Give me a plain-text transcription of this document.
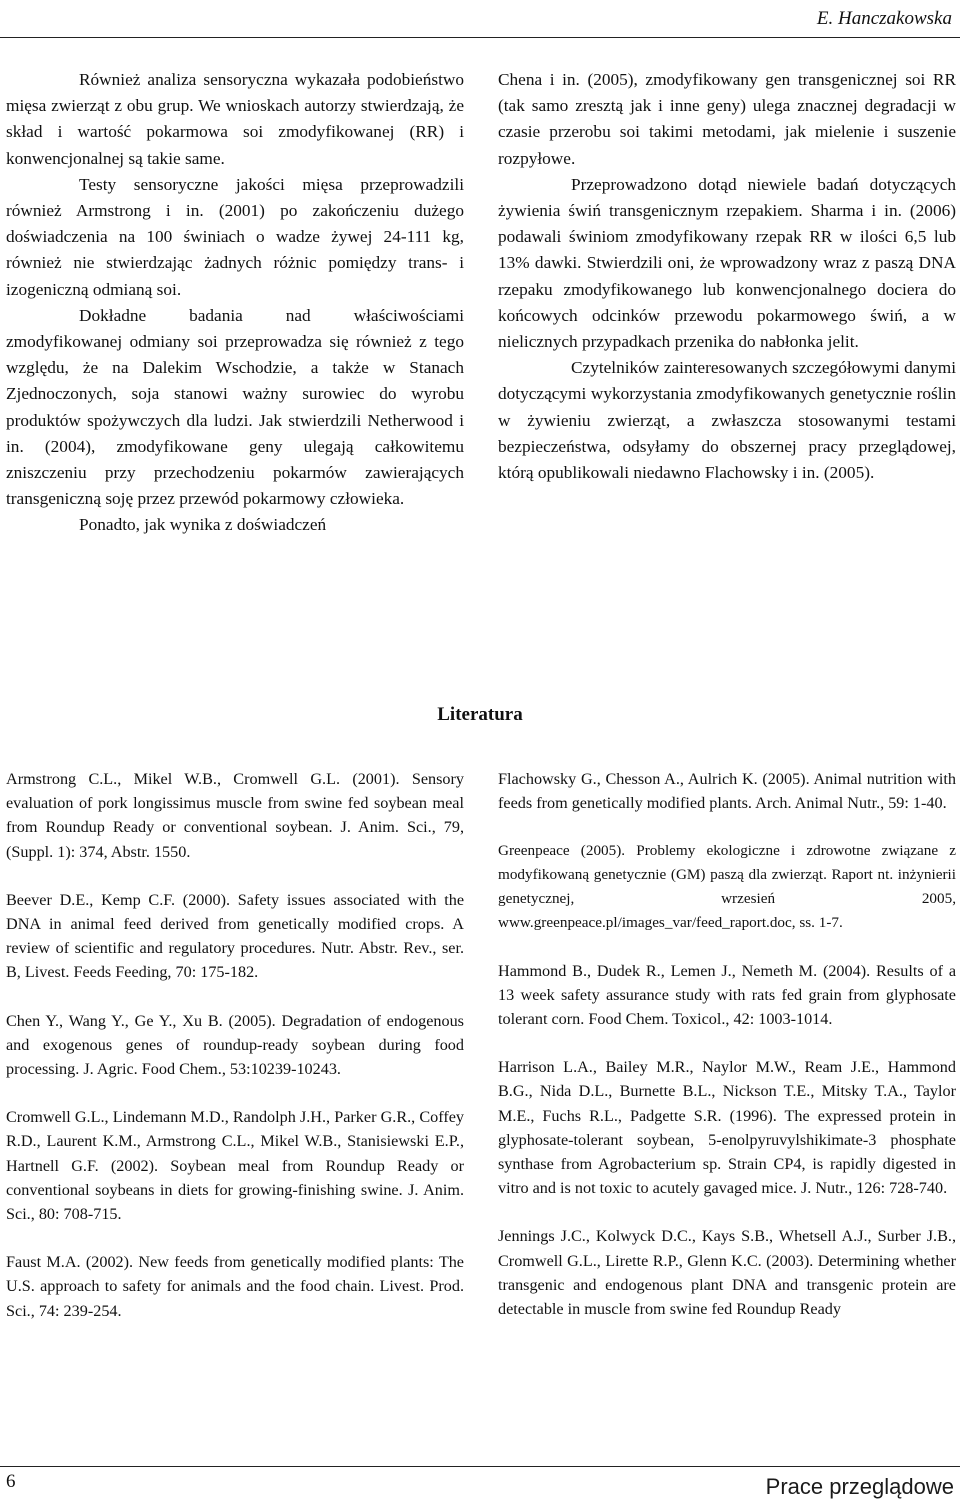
E. Hanczakowska

Również analiza sensoryczna wykazała podobieństwo mięsa zwierząt z obu grup. We wnioskach autorzy stwierdzają, że skład i wartość pokarmowa soi zmodyfikowanej (RR) i konwencjonalnej są takie same.

Testy sensoryczne jakości mięsa przeprowadzili również Armstrong i in. (2001) po zakończeniu dużego doświadczenia na 100 świniach o wadze żywej 24-111 kg, również nie stwierdzając żadnych różnic pomiędzy trans- i izogeniczną odmianą soi.

Dokładne badania nad właściwościami zmodyfikowanej odmiany soi przeprowadza się również z tego względu, że na Dalekim Wschodzie, a także w Stanach Zjednoczonych, soja stanowi ważny surowiec do wyrobu produktów spożywczych dla ludzi. Jak stwierdzili Netherwood i in. (2004), zmodyfikowane geny ulegają całkowitemu zniszczeniu przy przechodzeniu pokarmów zawierających transgeniczną soję przez przewód pokarmowy człowieka.

Ponadto, jak wynika z doświadczeń

Chena i in. (2005), zmodyfikowany gen transgenicznej soi RR (tak samo zresztą jak i inne geny) ulega znacznej degradacji w czasie przerobu soi takimi metodami, jak mielenie i suszenie rozpyłowe.

Przeprowadzono dotąd niewiele badań dotyczących żywienia świń transgenicznym rzepakiem. Sharma i in. (2006) podawali świniom zmodyfikowany rzepak RR w ilości 6,5 lub 13% dawki. Stwierdzili oni, że wprowadzony wraz z paszą DNA rzepaku zmodyfikowanego lub konwencjonalnego dociera do końcowych odcinków przewodu pokarmowego świń, a w nielicznych przypadkach przenika do nabłonka jelit.

Czytelników zainteresowanych szczegółowymi danymi dotyczącymi wykorzystania zmodyfikowanych genetycznie roślin w żywieniu zwierząt, a zwłaszcza stosowanymi testami bezpieczeństwa, odsyłamy do obszernej pracy przeglądowej, którą opublikowali niedawno Flachowsky i in. (2005).

Literatura
Armstrong C.L., Mikel W.B., Cromwell G.L. (2001). Sensory evaluation of pork longissimus muscle from swine fed soybean meal from Roundup Ready or conventional soybean. J. Anim. Sci., 79, (Suppl. 1): 374, Abstr. 1550.
Beever D.E., Kemp C.F. (2000). Safety issues associated with the DNA in animal feed derived from genetically modified crops. A review of scientific and regulatory procedures. Nutr. Abstr. Rev., ser. B, Livest. Feeds Feeding, 70: 175-182.
Chen Y., Wang Y., Ge Y., Xu B. (2005). Degradation of endogenous and exogenous genes of roundup-ready soybean during food processing. J. Agric. Food Chem., 53:10239-10243.
Cromwell G.L., Lindemann M.D., Randolph J.H., Parker G.R., Coffey R.D., Laurent K.M., Armstrong C.L., Mikel W.B., Stanisiewski E.P., Hartnell G.F. (2002). Soybean meal from Roundup Ready or conventional soybeans in diets for growing-finishing swine. J. Anim. Sci., 80: 708-715.
Faust M.A. (2002). New feeds from genetically modified plants: The U.S. approach to safety for animals and the food chain. Livest. Prod. Sci., 74: 239-254.
Flachowsky G., Chesson A., Aulrich K. (2005). Animal nutrition with feeds from genetically modified plants. Arch. Animal Nutr., 59: 1-40.
Greenpeace (2005). Problemy ekologiczne i zdrowotne związane z modyfikowaną genetycznie (GM) paszą dla zwierząt. Raport nt. inżynierii genetycznej, wrzesień 2005, www.greenpeace.pl/images_var/feed_raport.doc, ss. 1-7.
Hammond B., Dudek R., Lemen J., Nemeth M. (2004). Results of a 13 week safety assurance study with rats fed grain from glyphosate tolerant corn. Food Chem. Toxicol., 42: 1003-1014.
Harrison L.A., Bailey M.R., Naylor M.W., Ream J.E., Hammond B.G., Nida D.L., Burnette B.L., Nickson T.E., Mitsky T.A., Taylor M.E., Fuchs R.L., Padgette S.R. (1996). The expressed protein in glyphosate-tolerant soybean, 5-enolpyruvylshikimate-3 phosphate synthase from Agrobacterium sp. Strain CP4, is rapidly digested in vitro and is not toxic to acutely gavaged mice. J. Nutr., 126: 728-740.
Jennings J.C., Kolwyck D.C., Kays S.B., Whetsell A.J., Surber J.B., Cromwell G.L., Lirette R.P., Glenn K.C. (2003). Determining whether transgenic and endogenous plant DNA and transgenic protein are detectable in muscle from swine fed Roundup Ready
6	Prace przeglądowe
